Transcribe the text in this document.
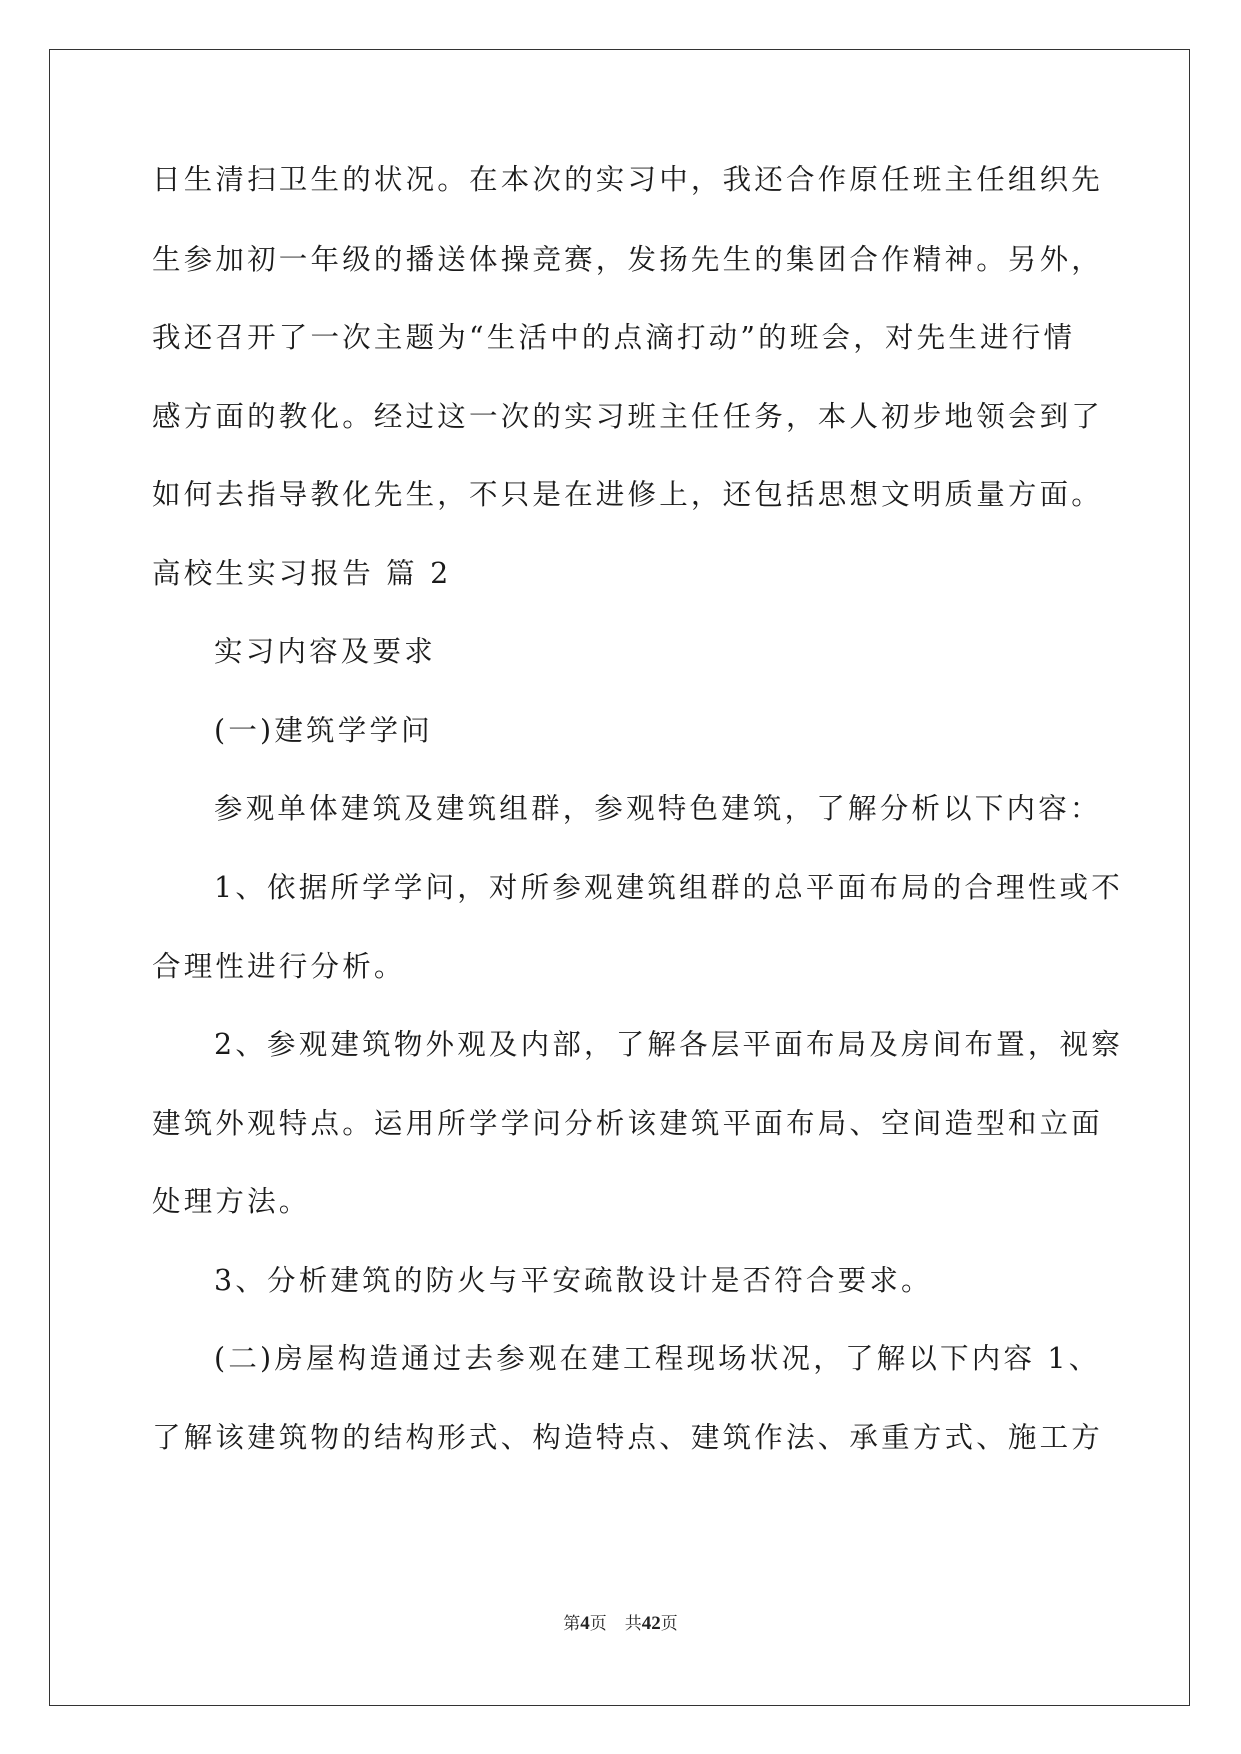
日生清扫卫生的状况。在本次的实习中，我还合作原任班主任组织先
生参加初一年级的播送体操竞赛，发扬先生的集团合作精神。另外，
我还召开了一次主题为“生活中的点滴打动”的班会，对先生进行情
感方面的教化。经过这一次的实习班主任任务，本人初步地领会到了
如何去指导教化先生，不只是在进修上，还包括思想文明质量方面。
高校生实习报告 篇 2
实习内容及要求
(一)建筑学学问
参观单体建筑及建筑组群，参观特色建筑，了解分析以下内容：
1、依据所学学问，对所参观建筑组群的总平面布局的合理性或不
合理性进行分析。
2、参观建筑物外观及内部，了解各层平面布局及房间布置，视察
建筑外观特点。运用所学学问分析该建筑平面布局、空间造型和立面
处理方法。
3、分析建筑的防火与平安疏散设计是否符合要求。
(二)房屋构造通过去参观在建工程现场状况，了解以下内容 1、
了解该建筑物的结构形式、构造特点、建筑作法、承重方式、施工方
第4页 共42页
